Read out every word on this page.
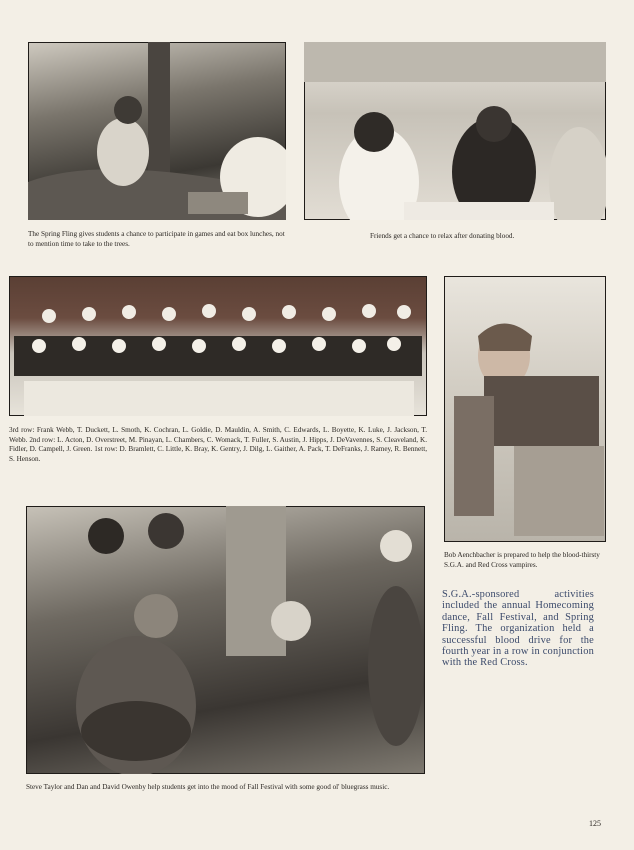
The Spring Fling gives students a chance to participate in games and eat box lunches, not to mention time to take to the trees.
Friends get a chance to relax after donating blood.
3rd row: Frank Webb, T. Duckett, L. Smoth, K. Cochran, L. Goldie, D. Mauldin, A. Smith, C. Edwards, L. Boyette, K. Luke, J. Jackson, T. Webb. 2nd row: L. Acton, D. Overstreet, M. Pinayan, L. Chambers, C. Womack, T. Fuller, S. Austin, J. Hipps, J. DeVavennes, S. Cleaveland, K. Fidler, D. Campell, J. Green. 1st row: D. Bramlett, C. Little, K. Bray, K. Gentry, J. Dilg, L. Gaither, A. Pack, T. DeFranks, J. Ramey, R. Bennett, S. Henson.
Bob Aenchbacher is prepared to help the blood-thirsty S.G.A. and Red Cross vampires.
S.G.A.-sponsored activities included the annual Homecoming dance, Fall Festival, and Spring Fling. The organization held a successful blood drive for the fourth year in a row in conjunction with the Red Cross.
Steve Taylor and Dan and David Owenby help students get into the mood of Fall Festival with some good ol' bluegrass music.
125
